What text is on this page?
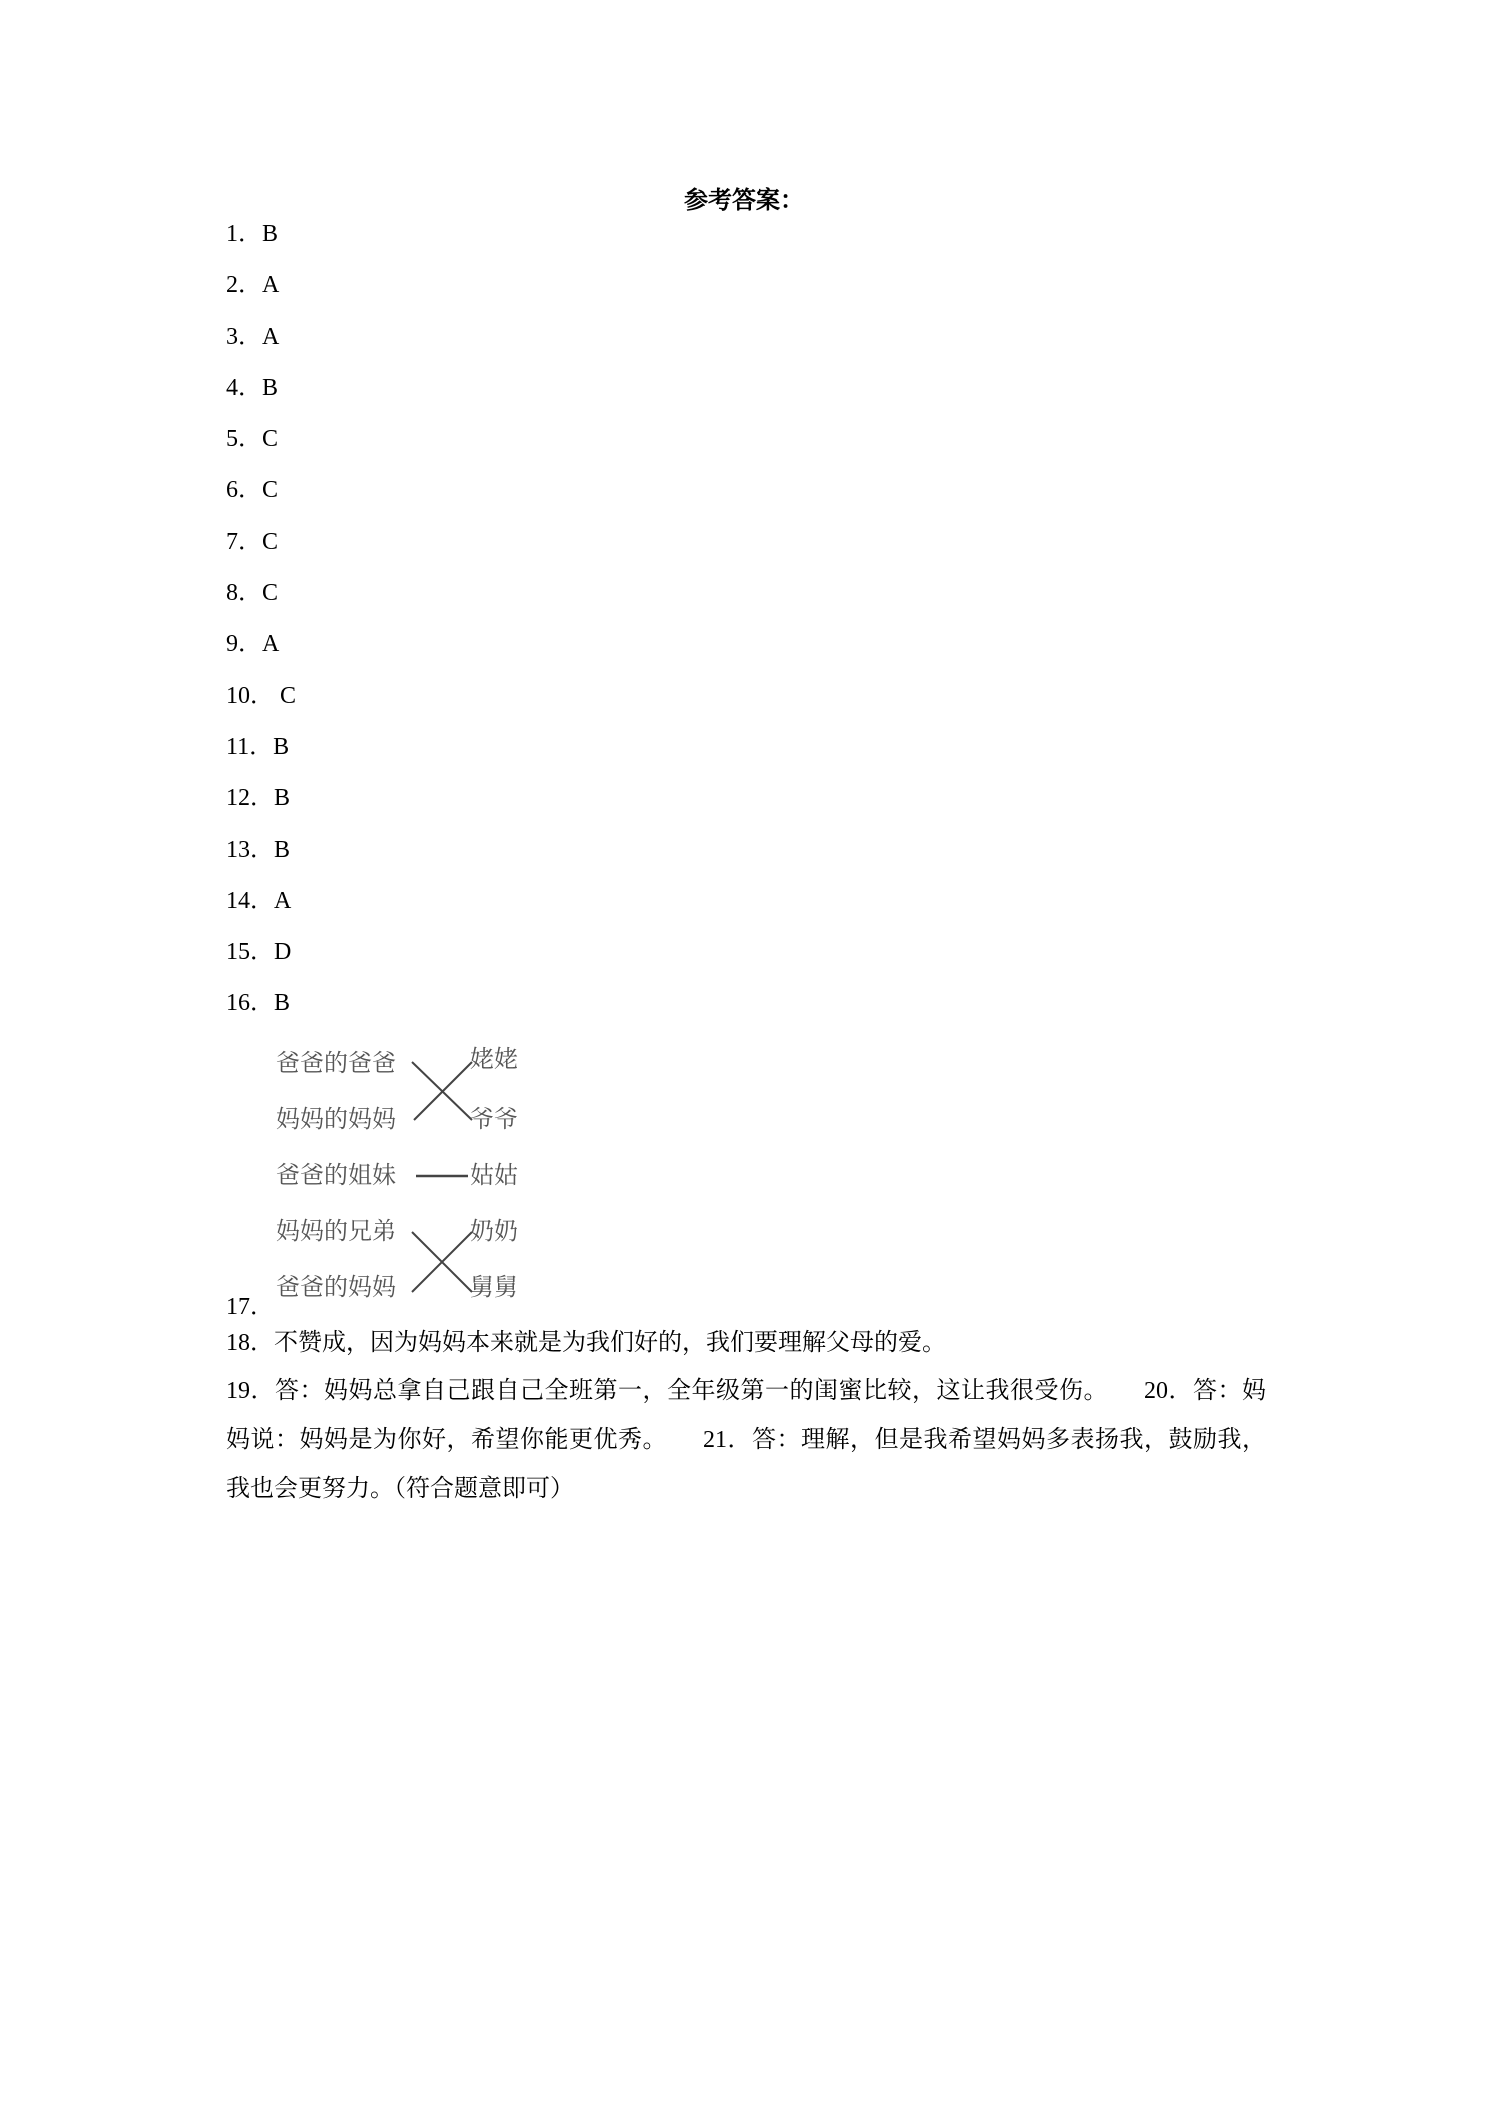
参考答案：
1．B
2．A
3．A
4．B
5．C
6．C
7．C
8．C
9．A
10． C
11．B
12．B
13．B
14．A
15．D
16．B
17．
爸爸的爸爸
妈妈的妈妈
爸爸的姐妹
妈妈的兄弟
爸爸的妈妈
姥姥
爷爷
姑姑
奶奶
舅舅
18．不赞成，因为妈妈本来就是为我们好的，我们要理解父母的爱。
19．答：妈妈总拿自己跟自己全班第一，全年级第一的闺蜜比较，这让我很受伤。 20．答：妈妈说：妈妈是为你好，希望你能更优秀。 21．答：理解，但是我希望妈妈多表扬我，鼓励我，我也会更努力。（符合题意即可）
